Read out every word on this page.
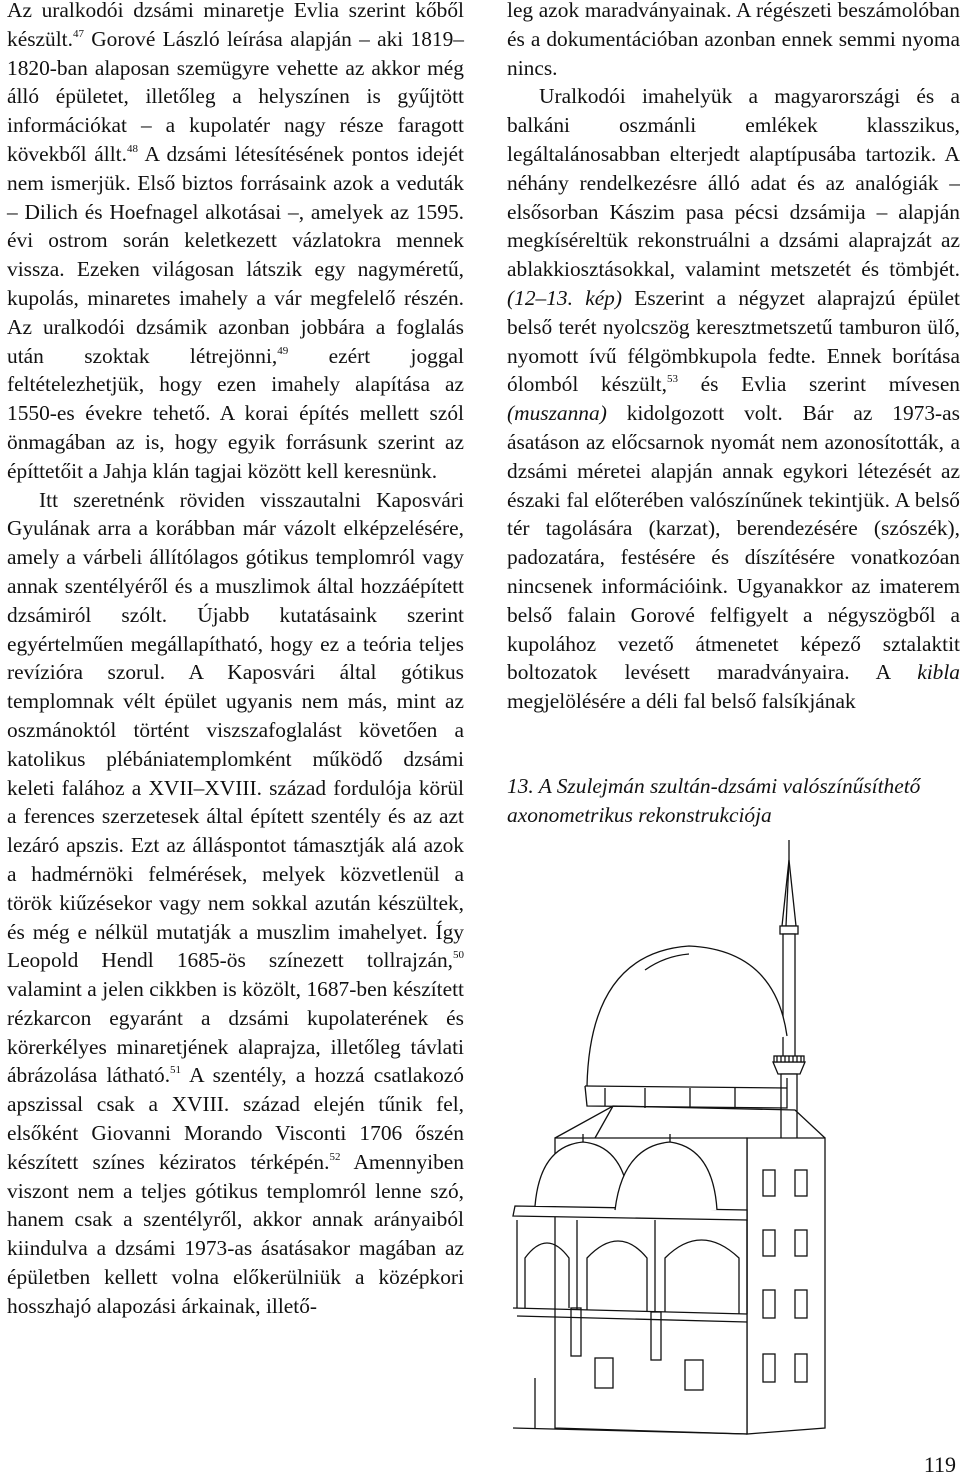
Az uralkodói dzsámi minaretje Evlia szerint kőből készült.$^{47}$ Gorové László leírása alapján – aki 1819–1820-ban alaposan szemügyre vehette az akkor még álló épületet, illetőleg a helyszínen is gyűjtött információkat – a kupolatér nagy része faragott kövekből állt.$^{48}$ A dzsámi létesítésének pontos idejét nem ismerjük. Első biztos forrásaink azok a veduták – Dilich és Hoefnagel alkotásai –, amelyek az 1595. évi ostrom során keletkezett vázlatokra mennek vissza. Ezeken világosan látszik egy nagyméretű, kupolás, minaretes imahely a vár megfelelő részén. Az uralkodói dzsámik azonban jobbára a foglalás után szoktak létrejönni,$^{49}$ ezért joggal feltételezhetjük, hogy ezen imahely alapítása az 1550-es évekre tehető. A korai építés mellett szól önmagában az is, hogy egyik forrásunk szerint az építtetőit a Jahja klán tagjai között kell keresnünk.

Itt szeretnénk röviden visszautalni Kaposvári Gyulának arra a korábban már vázolt elképzelésére, amely a várbeli állítólagos gótikus templomról vagy annak szentélyéről és a muszlimok által hozzáépített dzsámiról szólt. Újabb kutatásaink szerint egyértelműen megállapítható, hogy ez a teória teljes revízióra szorul. A Kaposvári által gótikus templomnak vélt épület ugyanis nem más, mint az oszmánoktól történt viszszafoglalást követően a katolikus plébániatemplomként működő dzsámi keleti falához a XVII–XVIII. század fordulója körül a ferences szerzetesek által épített szentély és az azt lezáró apszis. Ezt az álláspontot támasztják alá azok a hadmérnöki felmérések, melyek közvetlenül a török kiűzésekor vagy nem sokkal azután készültek, és még e nélkül mutatják a muszlim imahelyet. Így Leopold Hendl 1685-ös színezett tollrajzán,$^{50}$ valamint a jelen cikkben is közölt, 1687-ben készített rézkarcon egyaránt a dzsámi kupolaterének és körerkélyes minaretjének alaprajza, illetőleg távlati ábrázolása látható.$^{51}$ A szentély, a hozzá csatlakozó apszissal csak a XVIII. század elején tűnik fel, elsőként Giovanni Morando Visconti 1706 őszén készített színes kéziratos térképén.$^{52}$ Amennyiben viszont nem a teljes gótikus templomról lenne szó, hanem csak a szentélyről, akkor annak arányaiból kiindulva a dzsámi 1973-as ásatásakor magában az épületben kellett volna előkerülniük a középkori hosszhajó alapozási árkainak, illető-

leg azok maradványainak. A régészeti beszámolóban és a dokumentációban azonban ennek semmi nyoma nincs.

Uralkodói imahelyük a magyarországi és a balkáni oszmánli emlékek klasszikus, legáltalánosabban elterjedt alaptípusába tartozik. A néhány rendelkezésre álló adat és az analógiák – elsősorban Kászim pasa pécsi dzsámija – alapján megkíséreltük rekonstruálni a dzsámi alaprajzát az ablakkiosztásokkal, valamint metszetét és tömbjét. (12–13. kép) Eszerint a négyzet alaprajzú épület belső terét nyolcszög keresztmetszetű tamburon ülő, nyomott ívű félgömbkupola fedte. Ennek borítása ólomból készült,$^{53}$ és Evlia szerint mívesen (muszanna) kidolgozott volt. Bár az 1973-as ásatáson az előcsarnok nyomát nem azonosították, a dzsámi méretei alapján annak egykori létezését az északi fal előterében valószínűnek tekintjük. A belső tér tagolására (karzat), berendezésére (szószék), padozatára, festésére és díszítésére vonatkozóan nincsenek információink. Ugyanakkor az imaterem belső falain Gorové felfigyelt a négyszögből a kupolához vezető átmenetet képező sztalaktit boltozatok levésett maradványaira. A kibla megjelölésére a déli fal belső falsíkjának

13. A Szulejmán szultán-dzsámi valószínűsíthető axonometrikus rekonstrukciója
119
